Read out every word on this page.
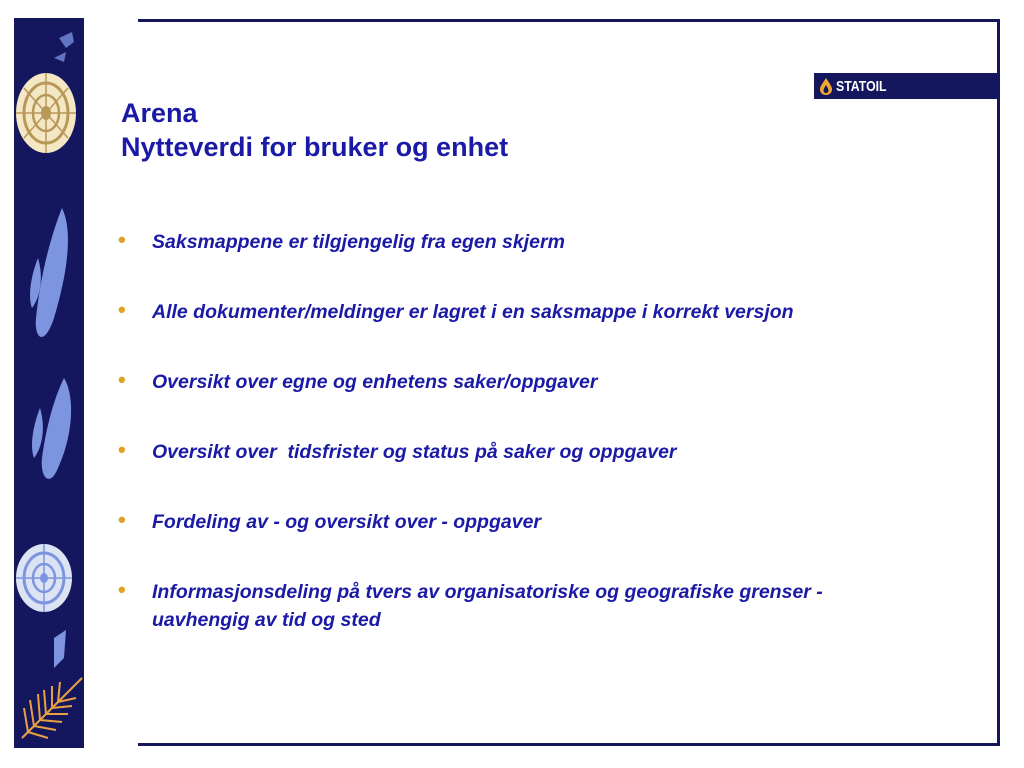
STATOIL
Arena
Nytteverdi for bruker og enhet
• Saksmappene er tilgjengelig fra egen skjerm
• Alle dokumenter/meldinger er lagret i en saksmappe i korrekt versjon
• Oversikt over egne og enhetens saker/oppgaver
• Oversikt over  tidsfrister og status på saker og oppgaver
• Fordeling av - og oversikt over - oppgaver
• Informasjonsdeling på tvers av organisatoriske og geografiske grenser - uavhengig av tid og sted
